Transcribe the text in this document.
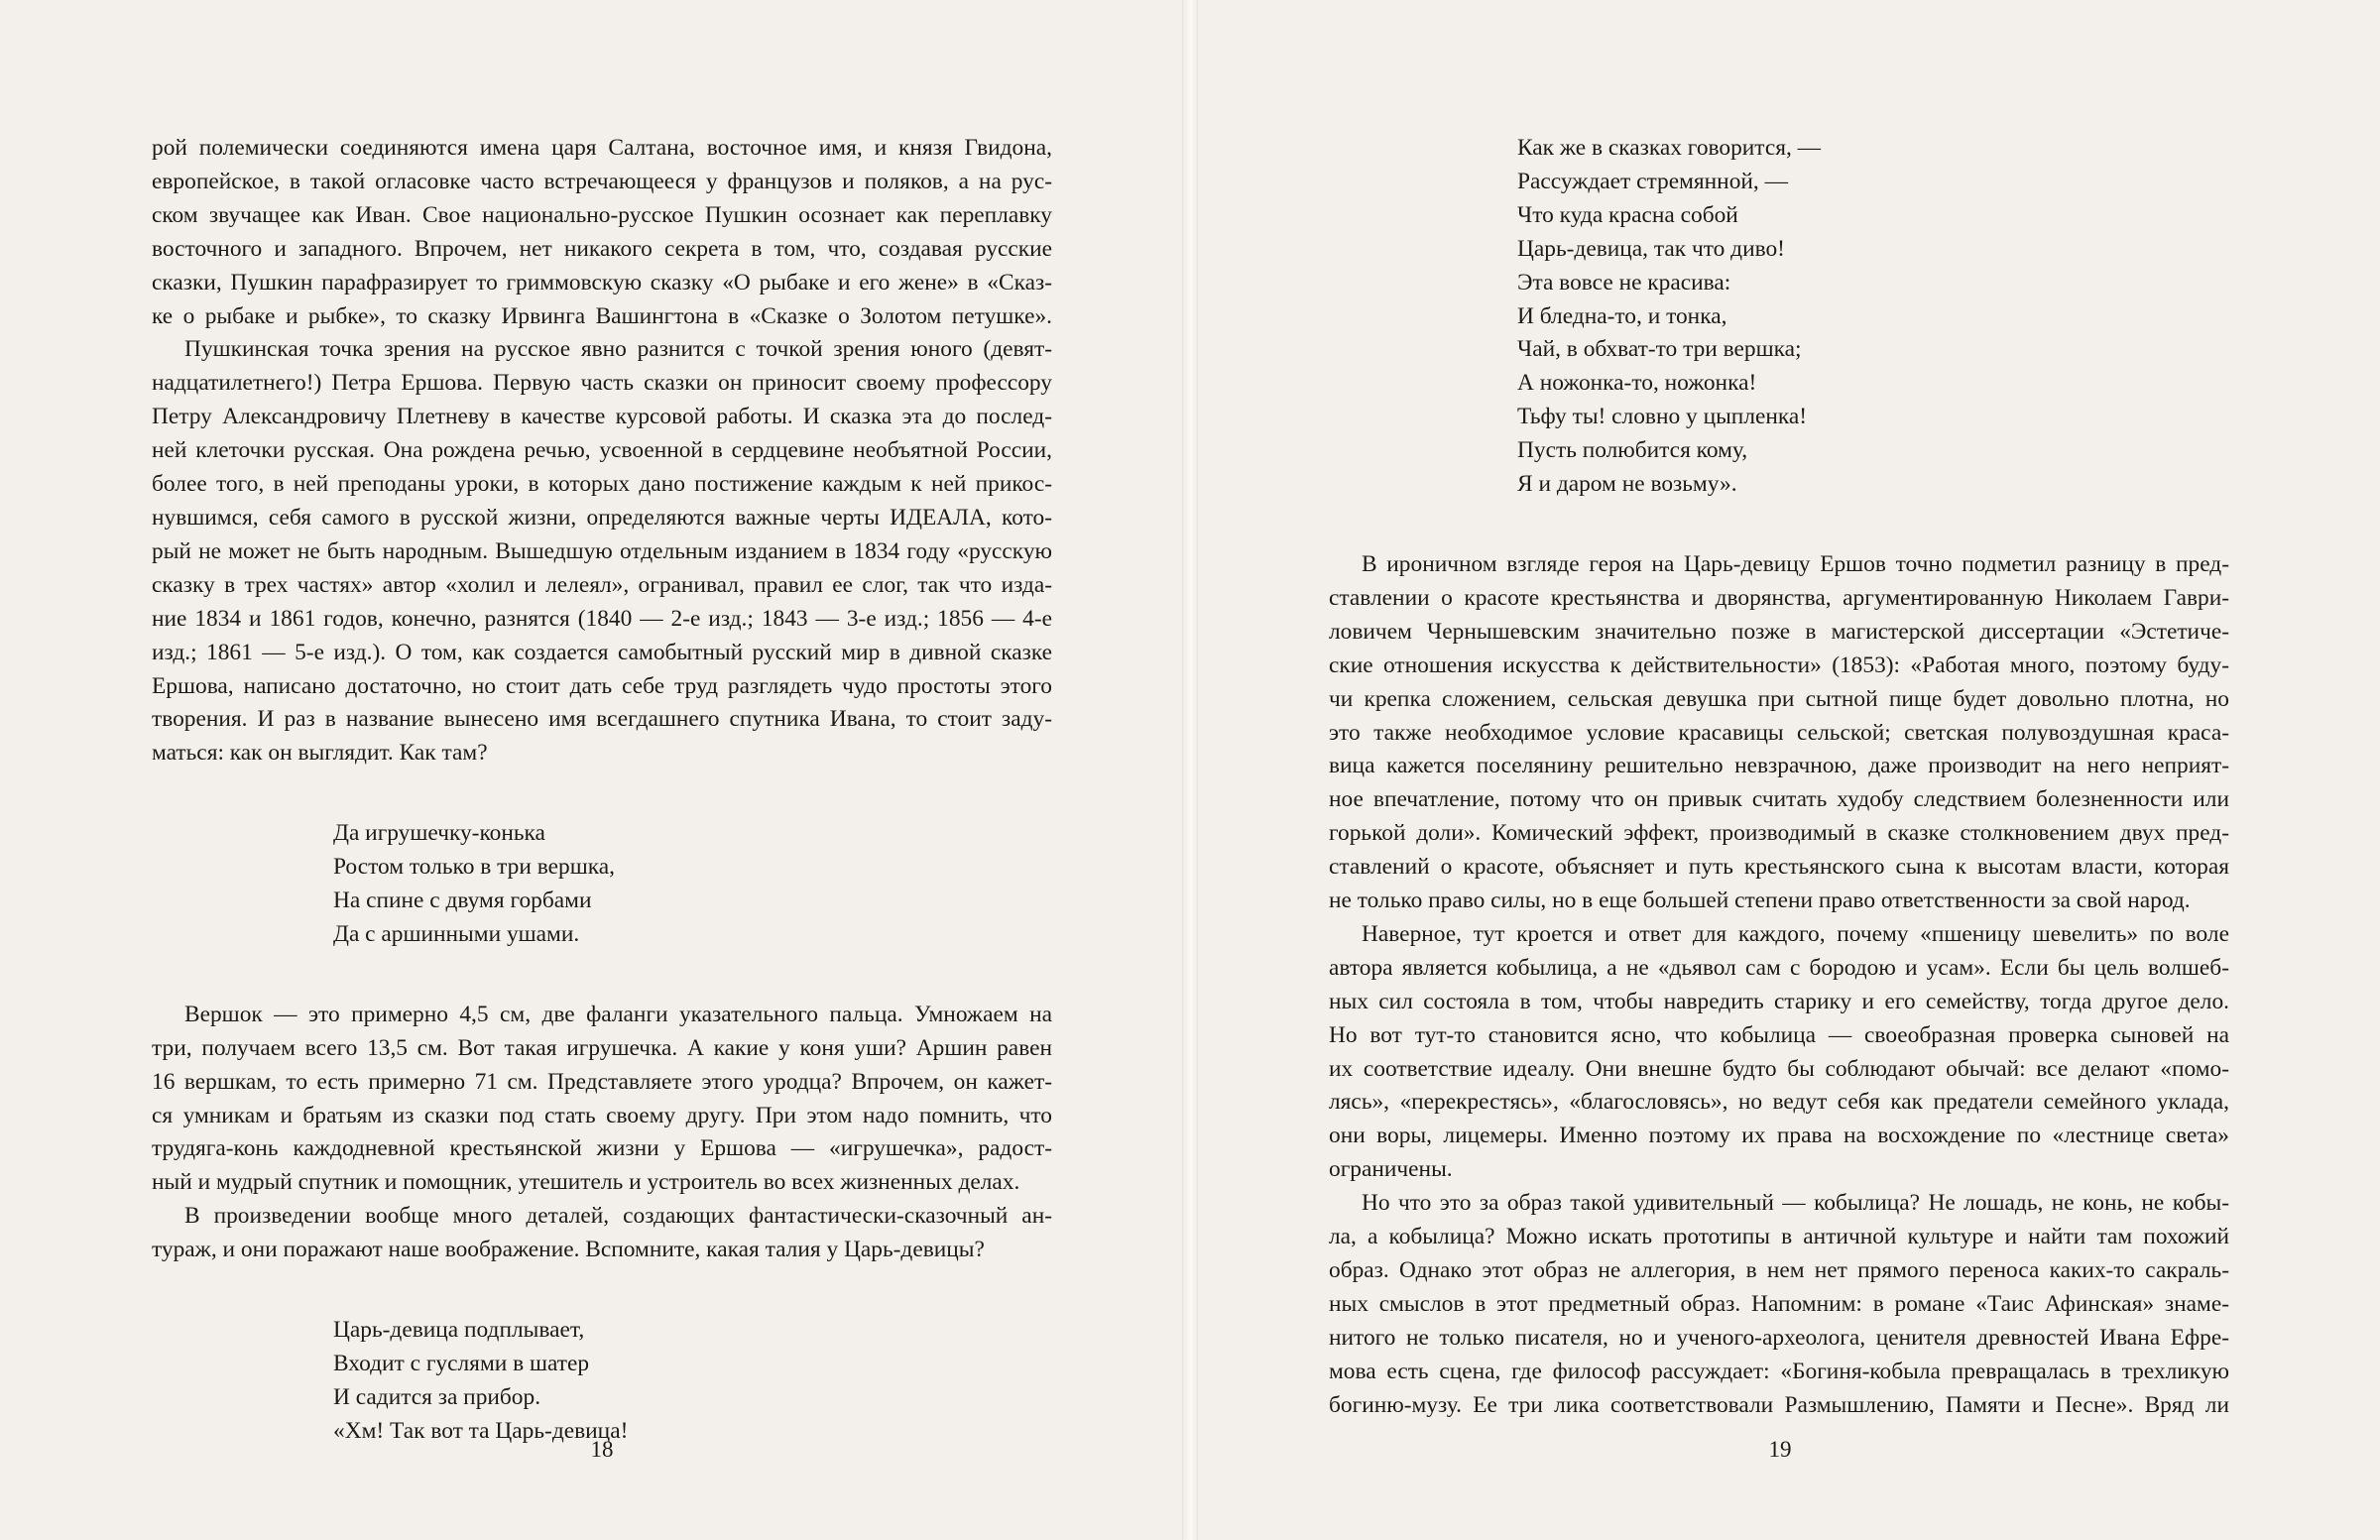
рой полемически соединяются имена царя Салтана, восточное имя, и князя Гвидона,
европейское, в такой огласовке часто встречающееся у французов и поляков, а на рус-
ском звучащее как Иван. Свое национально-русское Пушкин осознает как переплавку
восточного и западного. Впрочем, нет никакого секрета в том, что, создавая русские
сказки, Пушкин парафразирует то гриммовскую сказку «О рыбаке и его жене» в «Сказ-
ке о рыбаке и рыбке», то сказку Ирвинга Вашингтона в «Сказке о Золотом петушке».
Пушкинская точка зрения на русское явно разнится с точкой зрения юного (девят-
надцатилетнего!) Петра Ершова. Первую часть сказки он приносит своему профессору
Петру Александровичу Плетневу в качестве курсовой работы. И сказка эта до послед-
ней клеточки русская. Она рождена речью, усвоенной в сердцевине необъятной России,
более того, в ней преподаны уроки, в которых дано постижение каждым к ней прикос-
нувшимся, себя самого в русской жизни, определяются важные черты ИДЕАЛА, кото-
рый не может не быть народным. Вышедшую отдельным изданием в 1834 году «русскую
сказку в трех частях» автор «холил и лелеял», огранивал, правил ее слог, так что изда-
ние 1834 и 1861 годов, конечно, разнятся (1840 — 2-е изд.; 1843 — 3-е изд.; 1856 — 4-е
изд.; 1861 — 5-е изд.). О том, как создается самобытный русский мир в дивной сказке
Ершова, написано достаточно, но стоит дать себе труд разглядеть чудо простоты этого
творения. И раз в название вынесено имя всегдашнего спутника Ивана, то стоит заду-
маться: как он выглядит. Как там?
Да игрушечку-конька
Ростом только в три вершка,
На спине с двумя горбами
Да с аршинными ушами.
Вершок — это примерно 4,5 см, две фаланги указательного пальца. Умножаем на
три, получаем всего 13,5 см. Вот такая игрушечка. А какие у коня уши? Аршин равен
16 вершкам, то есть примерно 71 см. Представляете этого уродца? Впрочем, он кажет-
ся умникам и братьям из сказки под стать своему другу. При этом надо помнить, что
трудяга-конь каждодневной крестьянской жизни у Ершова — «игрушечка», радост-
ный и мудрый спутник и помощник, утешитель и устроитель во всех жизненных делах.
В произведении вообще много деталей, создающих фантастически-сказочный ан-
тураж, и они поражают наше воображение. Вспомните, какая талия у Царь-девицы?
Царь-девица подплывает,
Входит с гуслями в шатер
И садится за прибор.
«Хм! Так вот та Царь-девица!
18
Как же в сказках говорится, —
Рассуждает стремянной, —
Что куда красна собой
Царь-девица, так что диво!
Эта вовсе не красива:
И бледна-то, и тонка,
Чай, в обхват-то три вершка;
А ножонка-то, ножонка!
Тьфу ты! словно у цыпленка!
Пусть полюбится кому,
Я и даром не возьму».
В ироничном взгляде героя на Царь-девицу Ершов точно подметил разницу в пред-
ставлении о красоте крестьянства и дворянства, аргументированную Николаем Гаври-
ловичем Чернышевским значительно позже в магистерской диссертации «Эстетиче-
ские отношения искусства к действительности» (1853): «Работая много, поэтому буду-
чи крепка сложением, сельская девушка при сытной пище будет довольно плотна, но
это также необходимое условие красавицы сельской; светская полувоздушная краса-
вица кажется поселянину решительно невзрачною, даже производит на него неприят-
ное впечатление, потому что он привык считать худобу следствием болезненности или
горькой доли». Комический эффект, производимый в сказке столкновением двух пред-
ставлений о красоте, объясняет и путь крестьянского сына к высотам власти, которая
не только право силы, но в еще большей степени право ответственности за свой народ.
Наверное, тут кроется и ответ для каждого, почему «пшеницу шевелить» по воле
автора является кобылица, а не «дьявол сам с бородою и усам». Если бы цель волшеб-
ных сил состояла в том, чтобы навредить старику и его семейству, тогда другое дело.
Но вот тут-то становится ясно, что кобылица — своеобразная проверка сыновей на
их соответствие идеалу. Они внешне будто бы соблюдают обычай: все делают «помо-
лясь», «перекрестясь», «благословясь», но ведут себя как предатели семейного уклада,
они воры, лицемеры. Именно поэтому их права на восхождение по «лестнице света»
ограничены.
Но что это за образ такой удивительный — кобылица? Не лошадь, не конь, не кобы-
ла, а кобылица? Можно искать прототипы в античной культуре и найти там похожий
образ. Однако этот образ не аллегория, в нем нет прямого переноса каких-то сакраль-
ных смыслов в этот предметный образ. Напомним: в романе «Таис Афинская» знаме-
нитого не только писателя, но и ученого-археолога, ценителя древностей Ивана Ефре-
мова есть сцена, где философ рассуждает: «Богиня-кобыла превращалась в трехликую
богиню-музу. Ее три лика соответствовали Размышлению, Памяти и Песне». Вряд ли
19
